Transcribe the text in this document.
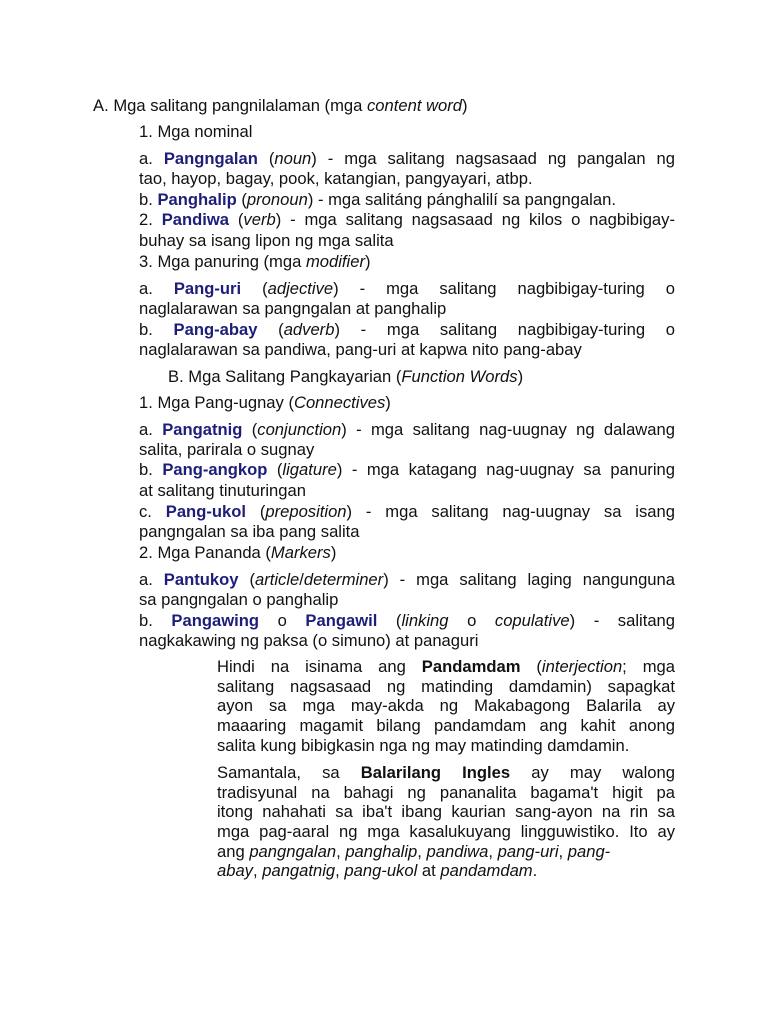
A. Mga salitang pangnilalaman (mga content word)
1. Mga nominal
a. Pangngalan (noun) - mga salitang nagsasaad ng pangalan ng
tao, hayop, bagay, pook, katangian, pangyayari, atbp.
b. Panghalip (pronoun) - mga salitáng pánghalilí sa pangngalan.
2. Pandiwa (verb) - mga salitang nagsasaad ng kilos o nagbibigay-
buhay sa isang lipon ng mga salita
3. Mga panuring (mga modifier)
a. Pang-uri (adjective) - mga salitang nagbibigay-turing o
naglalarawan sa pangngalan at panghalip
b. Pang-abay (adverb) - mga salitang nagbibigay-turing o
naglalarawan sa pandiwa, pang-uri at kapwa nito pang-abay
B. Mga Salitang Pangkayarian (Function Words)
1. Mga Pang-ugnay (Connectives)
a. Pangatnig (conjunction) - mga salitang nag-uugnay ng dalawang
salita, parirala o sugnay
b. Pang-angkop (ligature) - mga katagang nag-uugnay sa panuring
at salitang tinuturingan
c. Pang-ukol (preposition) - mga salitang nag-uugnay sa isang
pangngalan sa iba pang salita
2. Mga Pananda (Markers)
a. Pantukoy (article/determiner) - mga salitang laging nangunguna
sa pangngalan o panghalip
b. Pangawing o Pangawil (linking o copulative) - salitang
nagkakawing ng paksa (o simuno) at panaguri
Hindi na isinama ang Pandamdam (interjection; mga
salitang nagsasaad ng matinding damdamin) sapagkat
ayon sa mga may-akda ng Makabagong Balarila ay
maaaring magamit bilang pandamdam ang kahit anong
salita kung bibigkasin nga ng may matinding damdamin.
Samantala, sa Balarilang Ingles ay may walong
tradisyunal na bahagi ng pananalita bagama't higit pa
itong nahahati sa iba't ibang kaurian sang-ayon na rin sa
mga pag-aaral ng mga kasalukuyang lingguwistiko. Ito ay
ang pangngalan, panghalip, pandiwa, pang-uri, pang-
abay, pangatnig, pang-ukol at pandamdam.
